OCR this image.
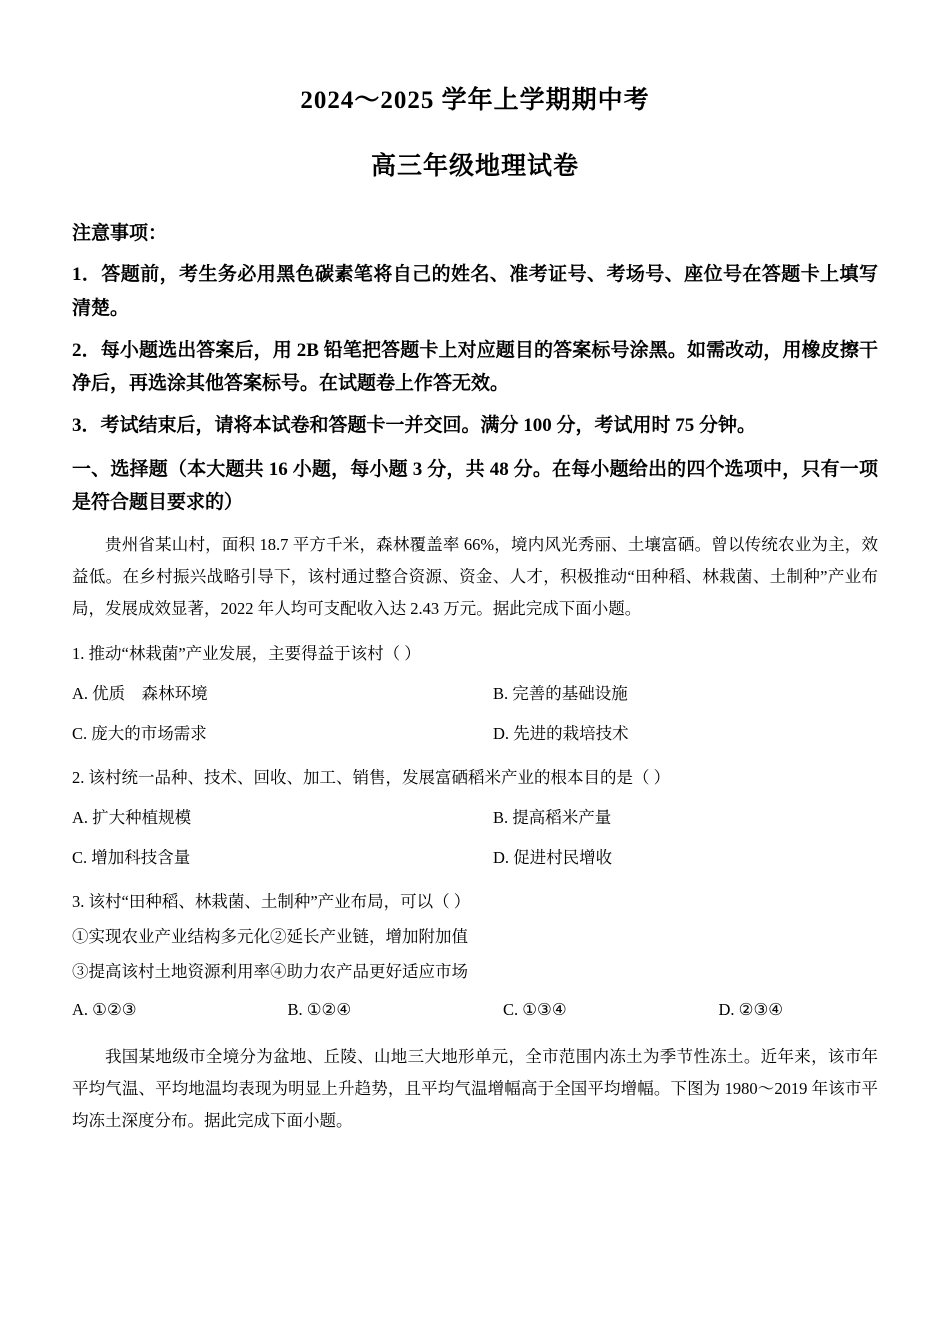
2024～2025 学年上学期期中考
高三年级地理试卷
注意事项：
1．答题前，考生务必用黑色碳素笔将自己的姓名、准考证号、考场号、座位号在答题卡上填写清楚。
2．每小题选出答案后，用 2B 铅笔把答题卡上对应题目的答案标号涂黑。如需改动，用橡皮擦干净后，再选涂其他答案标号。在试题卷上作答无效。
3．考试结束后，请将本试卷和答题卡一并交回。满分 100 分，考试用时 75 分钟。
一、选择题（本大题共 16 小题，每小题 3 分，共 48 分。在每小题给出的四个选项中，只有一项是符合题目要求的）
贵州省某山村，面积 18.7 平方千米，森林覆盖率 66%，境内风光秀丽、土壤富硒。曾以传统农业为主，效益低。在乡村振兴战略引导下，该村通过整合资源、资金、人才，积极推动“田种稻、林栽菌、土制种”产业布局，发展成效显著，2022 年人均可支配收入达 2.43 万元。据此完成下面小题。
1. 推动“林栽菌”产业发展，主要得益于该村（ ）
A. 优质　森林环境	B. 完善的基础设施
C. 庞大的市场需求	D. 先进的栽培技术
2. 该村统一品种、技术、回收、加工、销售，发展富硒稻米产业的根本目的是（ ）
A. 扩大种植规模	B. 提高稻米产量
C. 增加科技含量	D. 促进村民增收
3. 该村“田种稻、林栽菌、土制种”产业布局，可以（ ）
①实现农业产业结构多元化②延长产业链，增加附加值
③提高该村土地资源利用率④助力农产品更好适应市场
A. ①②③	B. ①②④	C. ①③④	D. ②③④
我国某地级市全境分为盆地、丘陵、山地三大地形单元，全市范围内冻土为季节性冻土。近年来，该市年平均气温、平均地温均表现为明显上升趋势，且平均气温增幅高于全国平均增幅。下图为 1980～2019 年该市平均冻土深度分布。据此完成下面小题。
